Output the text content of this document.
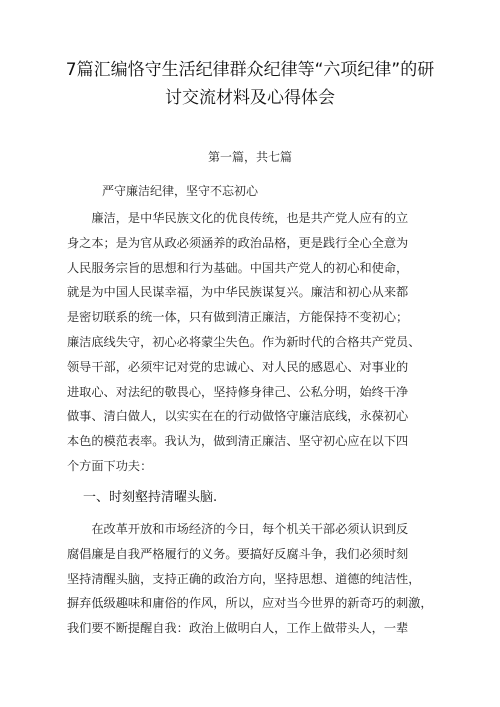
7篇汇编恪守生活纪律群众纪律等“六项纪律”的研
讨交流材料及心得体会
第一篇，共七篇
严守廉洁纪律，坚守不忘初心
　　廉洁，是中华民族文化的优良传统，也是共产党人应有的立
身之本；是为官从政必须涵养的政治品格，更是践行全心全意为
人民服务宗旨的思想和行为基础。中国共产党人的初心和使命，
就是为中国人民谋幸福，为中华民族谋复兴。廉洁和初心从来都
是密切联系的统一体，只有做到清正廉洁，方能保持不变初心；
廉洁底线失守，初心必将蒙尘失色。作为新时代的合格共产党员、
领导干部，必须牢记对党的忠诚心、对人民的感恩心、对事业的
进取心、对法纪的敬畏心，坚持修身律己、公私分明，始终干净
做事、清白做人，以实实在在的行动做恪守廉洁底线，永葆初心
本色的模范表率。我认为，做到清正廉洁、坚守初心应在以下四
个方面下功夫：
一、时刻壑持清曜头脑.
　　在改革开放和市场经济的今日，每个机关干部必须认识到反
腐倡廉是自我严格履行的义务。要搞好反腐斗争，我们必须时刻
坚持清醒头脑，支持正确的政治方向，坚持思想、道德的纯洁性，
摒弃低级趣味和庸俗的作风，所以，应对当今世界的新奇巧的刺激，
我们要不断提醒自我：政治上做明白人，工作上做带头人，一辈
